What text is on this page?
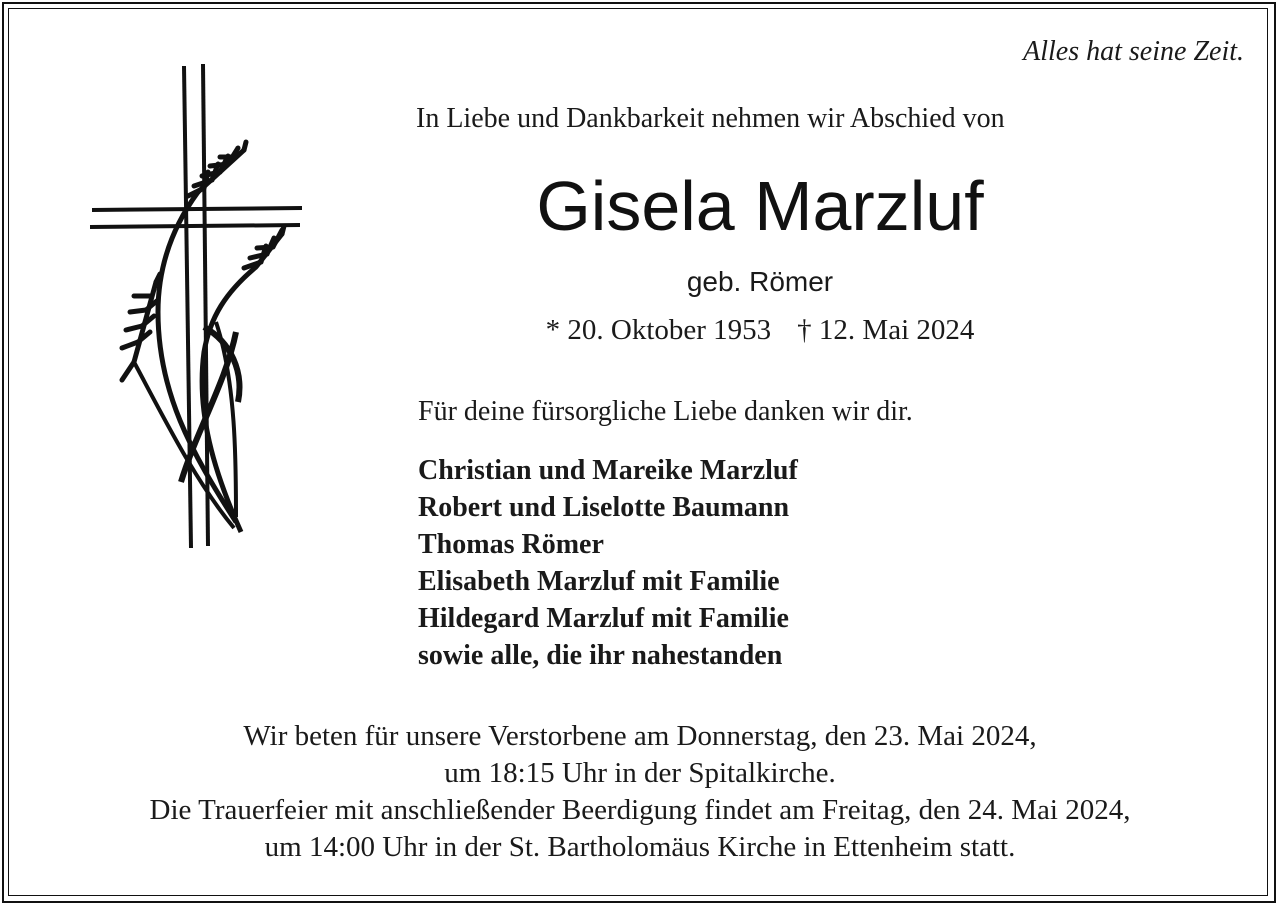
Alles hat seine Zeit.
In Liebe und Dankbarkeit nehmen wir Abschied von
Gisela Marzluf
geb. Römer
* 20. Oktober 1953 † 12. Mai 2024
Für deine fürsorgliche Liebe danken wir dir.
Christian und Mareike Marzluf
Robert und Liselotte Baumann
Thomas Römer
Elisabeth Marzluf mit Familie
Hildegard Marzluf mit Familie
sowie alle, die ihr nahestanden
Wir beten für unsere Verstorbene am Donnerstag, den 23. Mai 2024,
um 18:15 Uhr in der Spitalkirche.
Die Trauerfeier mit anschließender Beerdigung findet am Freitag, den 24. Mai 2024,
um 14:00 Uhr in der St. Bartholomäus Kirche in Ettenheim statt.
